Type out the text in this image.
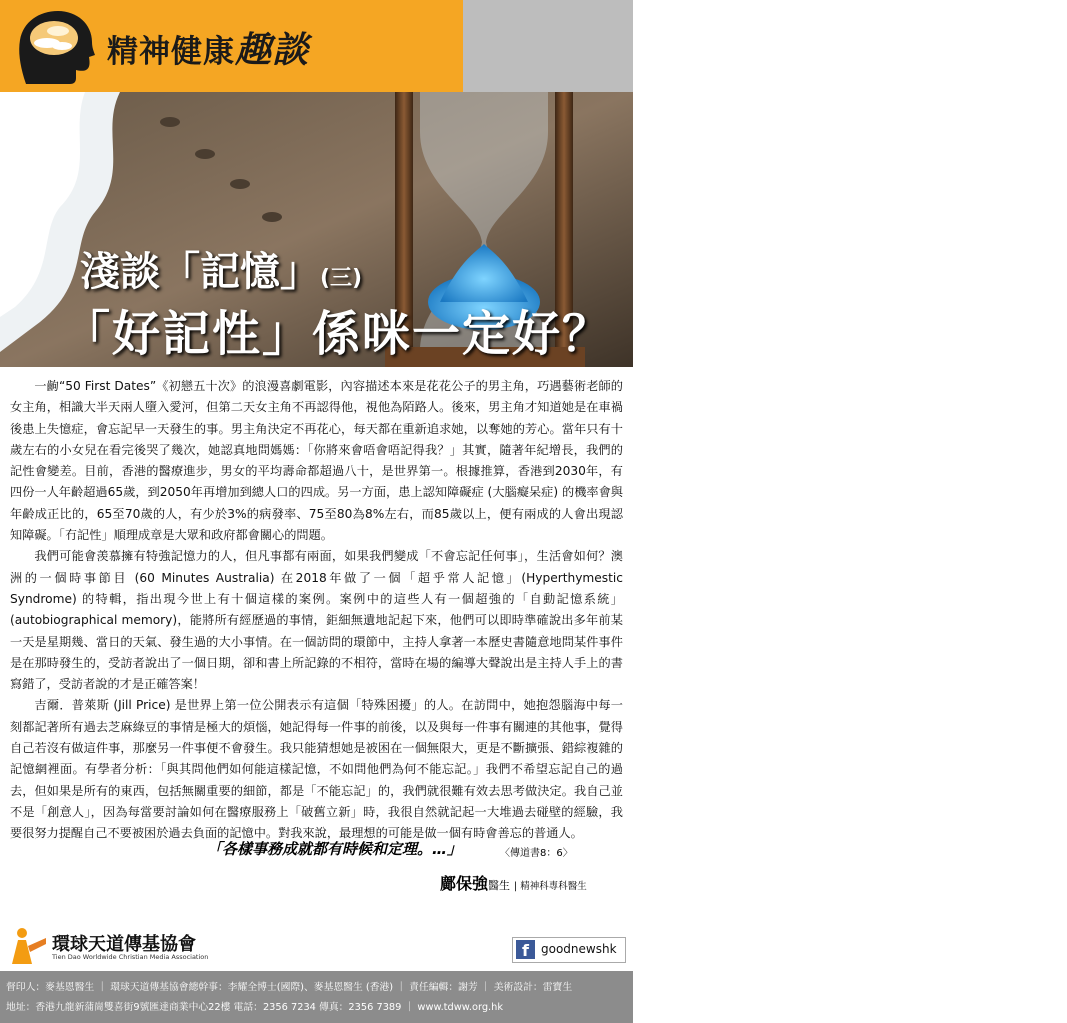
精神健康趣談	談$^天$說道
淺談「記憶」(三)
「好記性」係咪一定好？

一齣“50 First Dates”《初戀五十次》的浪漫喜劇電影，內容描述本來是花花公子的男主角，巧遇藝術老師的女主角，相識大半天兩人墮入愛河，但第二天女主角不再認得他，視他為陌路人。後來，男主角才知道她是在車禍後患上失憶症，會忘記早一天發生的事。男主角決定不再花心，每天都在重新追求她，以奪她的芳心。當年只有十歲左右的小女兒在看完後哭了幾次，她認真地問媽媽：「你將來會唔會唔記得我？」其實，隨著年紀增長，我們的記性會變差。目前，香港的醫療進步，男女的平均壽命都超過八十，是世界第一。根據推算，香港到2030年，有四份一人年齡超過65歲，到2050年再增加到總人口的四成。另一方面，患上認知障礙症 (大腦癡呆症) 的機率會與年齡成正比的，65至70歲的人，有少於3%的病發率、75至80為8%左右，而85歲以上，便有兩成的人會出現認知障礙。「冇記性」順理成章是大眾和政府都會關心的問題。

我們可能會羡慕擁有特強記憶力的人，但凡事都有兩面，如果我們變成「不會忘記任何事」，生活會如何？澳洲的一個時事節目 (60 Minutes Australia) 在2018年做了一個「超乎常人記憶」(Hyperthymestic Syndrome) 的特輯，指出現今世上有十個這樣的案例。案例中的這些人有一個超強的「自動記憶系統」(autobiographical memory)，能將所有經歷過的事情，鉅細無遺地記起下來，他們可以即時準確說出多年前某一天是星期幾、當日的天氣、發生過的大小事情。在一個訪問的環節中，主持人拿著一本歷史書隨意地問某件事件是在那時發生的，受訪者說出了一個日期，卻和書上所記錄的不相符，當時在場的編導大聲說出是主持人手上的書寫錯了，受訪者說的才是正確答案！

吉爾．普萊斯 (Jill Price) 是世界上第一位公開表示有這個「特殊困擾」的人。在訪問中，她抱怨腦海中每一刻都記著所有過去芝麻綠豆的事情是極大的煩惱，她記得每一件事的前後，以及與每一件事有關連的其他事，覺得自己若沒有做這件事，那麼另一件事便不會發生。我只能猜想她是被困在一個無限大，更是不斷擴張、錯綜複雜的記憶網裡面。有學者分析：「與其問他們如何能這樣記憶，不如問他們為何不能忘記。」我們不希望忘記自己的過去，但如果是所有的東西，包括無關重要的細節，都是「不能忘記」的，我們就很難有效去思考做決定。我自己並不是「創意人」，因為每當要討論如何在醫療服務上「破舊立新」時，我很自然就記起一大堆過去碰壁的經驗，我要很努力提醒自己不要被困於過去負面的記憶中。對我來說，最理想的可能是做一個有時會善忘的普通人。

「各樣事務成就都有時候和定理。…」	〈傳道書8：6〉
鄺保強醫生 | 精神科專科醫生
環球天道傳基協會
Tien Dao Worldwide Christian Media Association	f	goodnewshk
督印人：麥基恩醫生 ｜ 環球天道傳基協會總幹事：李耀全博士(國際)、麥基恩醫生 (香港) ｜ 責任編輯：謝芳 ｜ 美術設計：雷寶生
地址：香港九龍新蒲崗雙喜街9號匯達商業中心22樓 電話：2356 7234 傳真：2356 7389 ｜ www.tdww.org.hk
